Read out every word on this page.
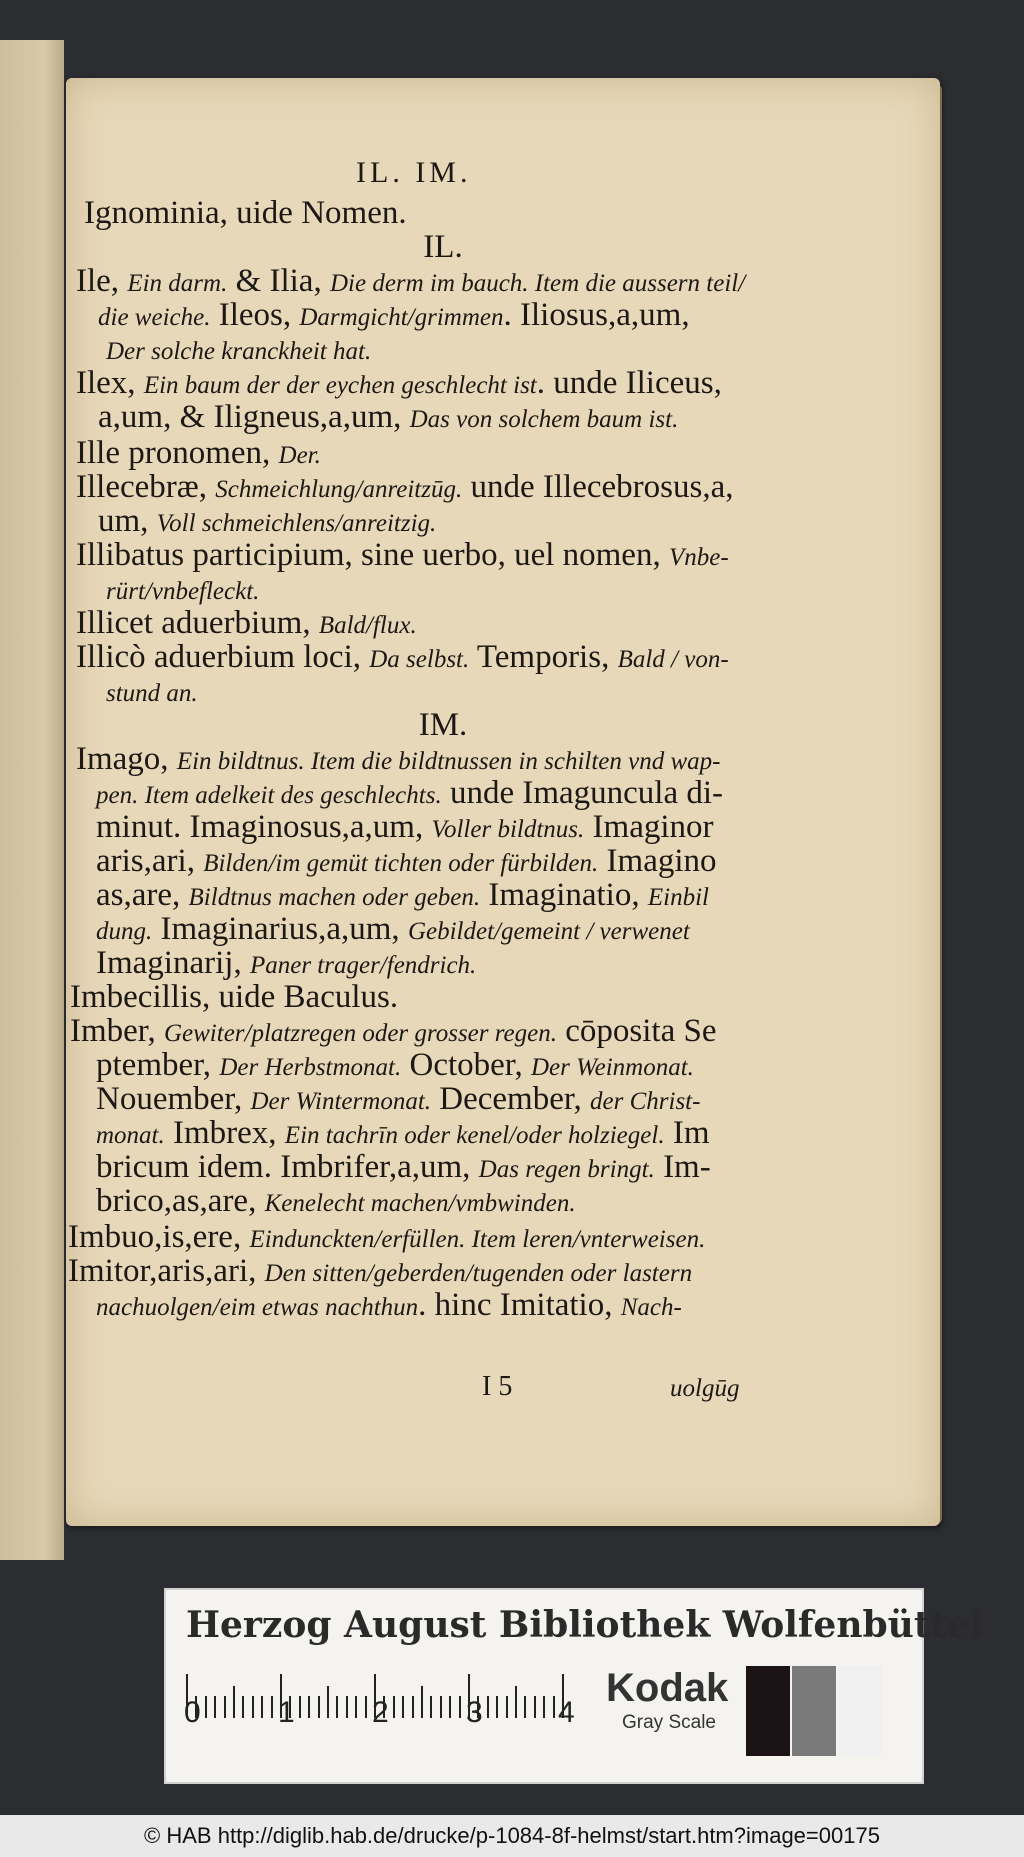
IL. IM.
I 5	uolgūg
Ignominia, uide Nomen.
IL.
Ile, Ein darm. & Ilia, Die derm im bauch. Item die aussern teil/
die weiche. Ileos, Darmgicht/grimmen. Iliosus,a,um,
Der solche kranckheit hat.
Ilex, Ein baum der der eychen geschlecht ist. unde Iliceus,
a,um, & Iligneus,a,um, Das von solchem baum ist.
Ille pronomen, Der.
Illecebræ, Schmeichlung/anreitzūg. unde Illecebrosus,a,
um, Voll schmeichlens/anreitzig.
Illibatus participium, sine uerbo, uel nomen, Vnbe-
rürt/vnbefleckt.
Illicet aduerbium, Bald/flux.
Illicò aduerbium loci, Da selbst. Temporis, Bald / von-
stund an.
IM.
Imago, Ein bildtnus. Item die bildtnussen in schilten vnd wap-
pen. Item adelkeit des geschlechts. unde Imaguncula di-
minut. Imaginosus,a,um, Voller bildtnus. Imaginor
aris,ari, Bilden/im gemüt tichten oder fürbilden. Imagino
as,are, Bildtnus machen oder geben. Imaginatio, Einbil
dung. Imaginarius,a,um, Gebildet/gemeint / verwenet
Imaginarij, Paner trager/fendrich.
Imbecillis, uide Baculus.
Imber, Gewiter/platzregen oder grosser regen. cōposita Se
ptember, Der Herbstmonat. October, Der Weinmonat.
Nouember, Der Wintermonat. December, der Christ-
monat. Imbrex, Ein tachrīn oder kenel/oder holziegel. Im
bricum idem. Imbrifer,a,um, Das regen bringt. Im-
brico,as,are, Kenelecht machen/vmbwinden.
Imbuo,is,ere, Eindunckten/erfüllen. Item leren/vnterweisen.
Imitor,aris,ari, Den sitten/geberden/tugenden oder lastern
nachuolgen/eim etwas nachthun. hinc Imitatio, Nach-
Herzog August Bibliothek Wolfenbüttel
0	1	2	3	4
Kodak
Gray Scale
© HAB http://diglib.hab.de/drucke/p-1084-8f-helmst/start.htm?image=00175
